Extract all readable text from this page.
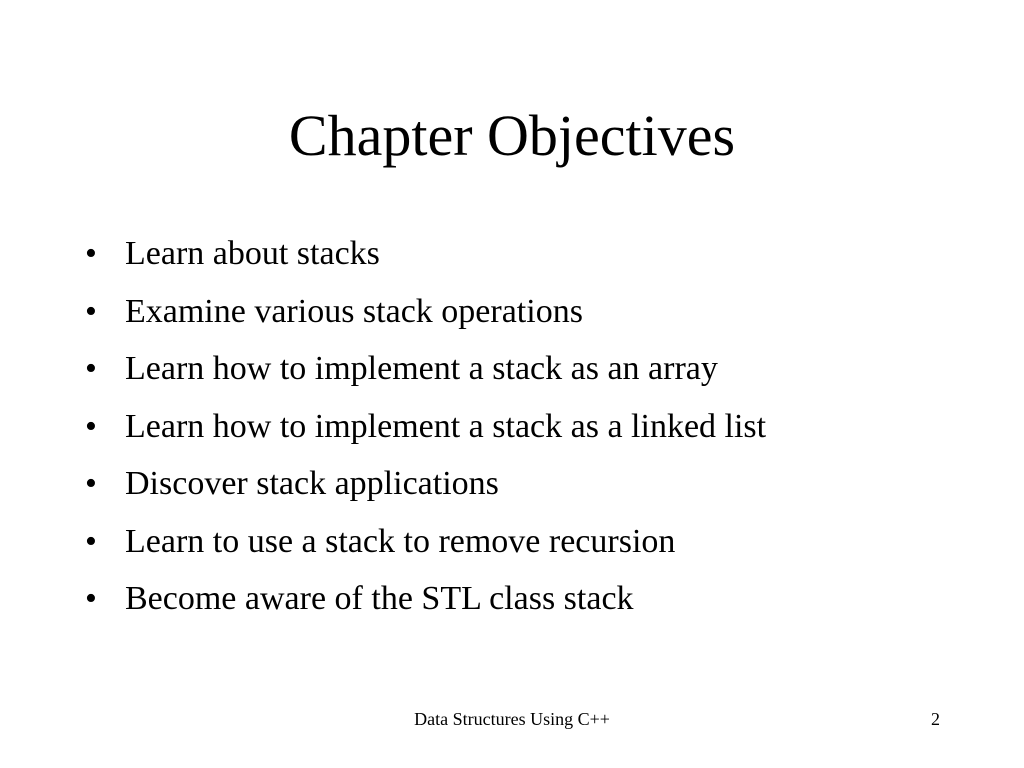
Chapter Objectives
• Learn about stacks
• Examine various stack operations
• Learn how to implement a stack as an array
• Learn how to implement a stack as a linked list
• Discover stack applications
• Learn to use a stack to remove recursion
• Become aware of the STL class stack
Data Structures Using C++	2
